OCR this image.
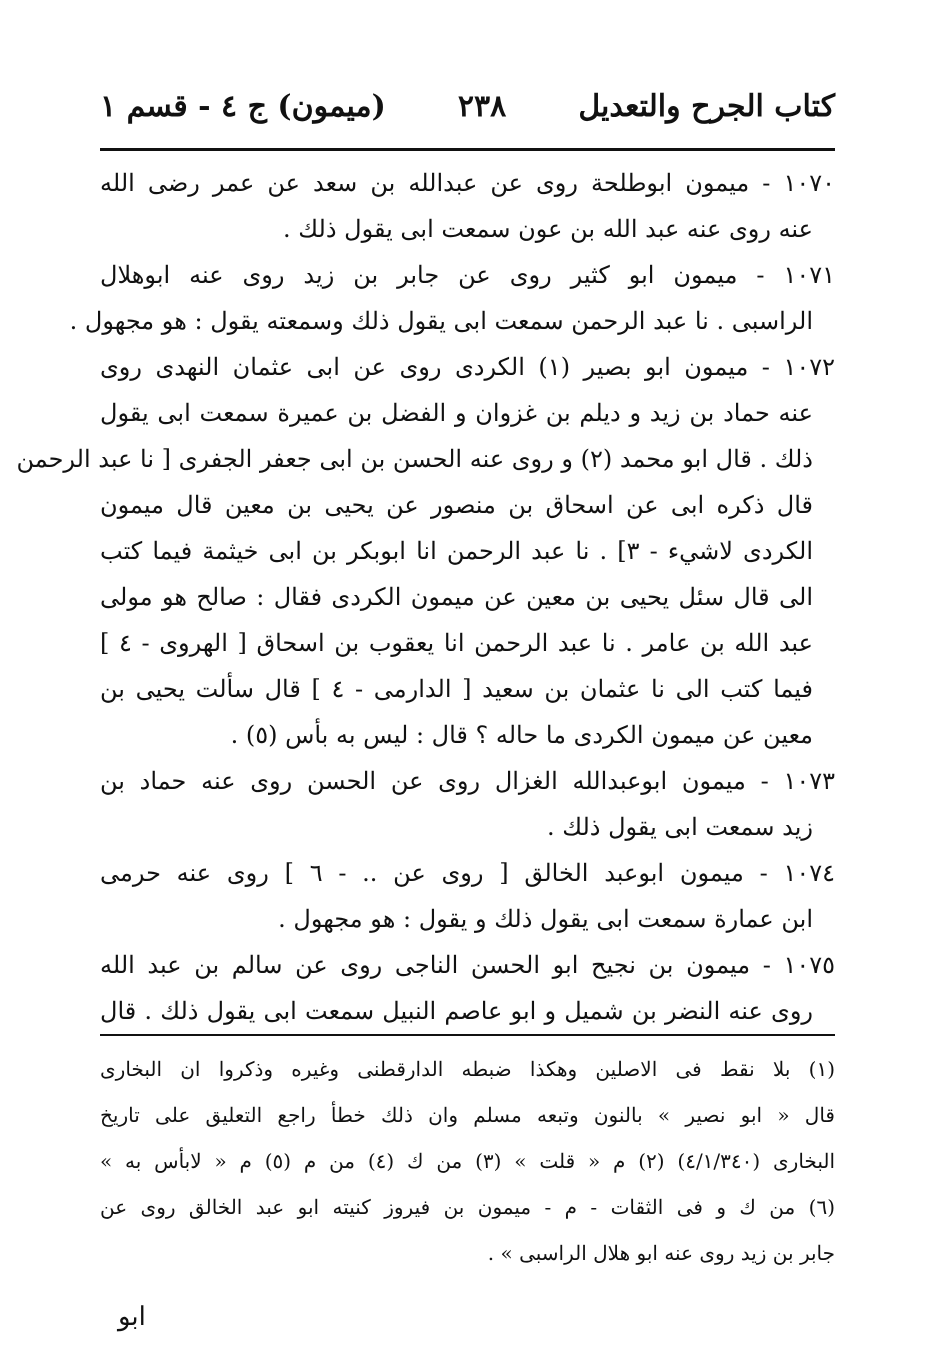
كتاب الجرح والتعديل
٢٣٨
(ميمون) ج ٤ - قسم ١
١٠٧٠ - ميمون ابوطلحة روى عن عبدالله بن سعد عن عمر رضى الله
عنه روى عنه عبد الله بن عون سمعت ابى يقول ذلك .
١٠٧١ - ميمون ابو كثير روى عن جابر بن زيد روى عنه ابوهلال
الراسبى . نا عبد الرحمن سمعت ابى يقول ذلك وسمعته يقول : هو مجهول .
١٠٧٢ - ميمون ابو بصير (١) الكردى روى عن ابى عثمان النهدى روى
عنه حماد بن زيد و ديلم بن غزوان و الفضل بن عميرة سمعت ابى يقول
ذلك . قال ابو محمد (٢) و روى عنه الحسن بن ابى جعفر الجفرى [ نا عبد الرحمن
قال ذكره ابى عن اسحاق بن منصور عن يحيى بن معين قال ميمون
الكردى لاشيء - ٣] . نا عبد الرحمن انا ابوبكر بن ابى خيثمة فيما كتب
الى قال سئل يحيى بن معين عن ميمون الكردى فقال : صالح هو مولى
عبد الله بن عامر . نا عبد الرحمن انا يعقوب بن اسحاق [ الهروى - ٤ ]
فيما كتب الى نا عثمان بن سعيد [ الدارمى - ٤ ] قال سألت يحيى بن
معين عن ميمون الكردى ما حاله ؟ قال : ليس به بأس (٥) .
١٠٧٣ - ميمون ابوعبدالله الغزال روى عن الحسن روى عنه حماد بن
زيد سمعت ابى يقول ذلك .
١٠٧٤ - ميمون ابوعبد الخالق [ روى عن .. - ٦ ] روى عنه حرمى
ابن عمارة سمعت ابى يقول ذلك و يقول : هو مجهول .
١٠٧٥ - ميمون بن نجيح ابو الحسن الناجى روى عن سالم بن عبد الله
روى عنه النضر بن شميل و ابو عاصم النبيل سمعت ابى يقول ذلك . قال
(١) بلا نقط فى الاصلين وهكذا ضبطه الدارقطنى وغيره وذكروا ان البخارى
قال « ابو نصير » بالنون وتبعه مسلم وان ذلك خطأ راجع التعليق على تاريخ
البخارى (٤/١/٣٤٠) (٢) م « قلت » (٣) من ك (٤) من م (٥) م « لابأس به »
(٦) من ك و فى الثقات - م - ميمون بن فيروز كنيته ابو عبد الخالق روى عن
جابر بن زيد روى عنه ابو هلال الراسبى » .
ابو
